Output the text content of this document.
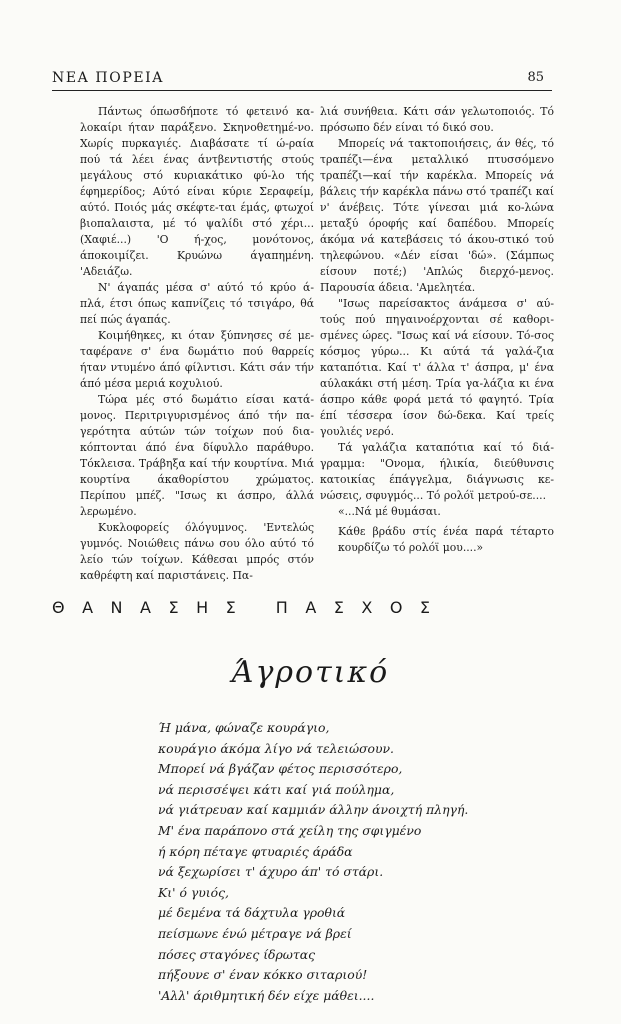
ΝΕΑ ΠΟΡΕΙΑ	85

Πάντως όπωσδήποτε τό φετεινό κα-λοκαίρι ήταν παράξενο. Σκηνοθετημέ-νο. Χωρίς πυρκαγιές. Διαβάσατε τί ώ-ραία πού τά λέει ένας άντβεντιστής στούς μεγάλους στό κυριακάτικο φύ-λο τής έφημερίδος; Αύτό είναι κύριε Σεραφείμ, αύτό. Ποιός μάς σκέφτε-ται έμάς, φτωχοί βιοπαλαιστα, μέ τό ψαλίδι στό χέρι... (Χαφιέ...) 'Ο ή-χος, μονότονος, άποκοιμίζει. Κρυώνω άγαπημένη. 'Αδειάζω.

Ν' άγαπάς μέσα σ' αύτό τό κρύο ά-πλά, έτσι όπως καπνίζεις τό τσιγάρο, θά πεί πώς άγαπάς.

Κοιμήθηκες, κι όταν ξύπνησες σέ με-ταφέρανε σ' ένα δωμάτιο πού θαρρείς ήταν ντυμένο άπό φίλντισι. Κάτι σάν τήν άπό μέσα μεριά κοχυλιού.

Τώρα μές στό δωμάτιο είσαι κατά-μονος. Περιτριγυρισμένος άπό τήν πα-γερότητα αύτών τών τοίχων πού δια-κόπτονται άπό ένα δίφυλλο παράθυρο. Τόκλεισα. Τράβηξα καί τήν κουρτίνα. Μιά κουρτίνα άκαθορίστου χρώματος. Περίπου μπέζ. "Ισως κι άσπρο, άλλά λερωμένο.

Κυκλοφορείς όλόγυμνος. 'Εντελώς γυμνός. Νοιώθεις πάνω σου όλο αύτό τό λείο τών τοίχων. Κάθεσαι μπρός στόν καθρέφτη καί παριστάνεις. Πα-

λιά συνήθεια. Κάτι σάν γελωτοποιός. Τό πρόσωπο δέν είναι τό δικό σου.

Μπορείς νά τακτοποιήσεις, άν θές, τό τραπέζι—ένα μεταλλικό πτυσσόμενο τραπέζι—καί τήν καρέκλα. Μπορείς νά βάλεις τήν καρέκλα πάνω στό τραπέζι καί ν' άνέβεις. Τότε γίνεσαι μιά κο-λώνα μεταξύ όροφής καί δαπέδου. Μπορείς άκόμα νά κατεβάσεις τό άκου-στικό τού τηλεφώνου. «Δέν είσαι 'δώ». (Σάμπως είσουν ποτέ;) 'Απλώς διερχό-μενος. Παρουσία άδεια. 'Αμελητέα.

"Ισως παρείσακτος άνάμεσα σ' αύ-τούς πού πηγαινοέρχονται σέ καθορι-σμένες ώρες. "Ισως καί νά είσουν. Τό-σος κόσμος γύρω... Κι αύτά τά γαλά-ζια καταπότια. Καί τ' άλλα τ' άσπρα, μ' ένα αύλακάκι στή μέση. Τρία γα-λάζια κι ένα άσπρο κάθε φορά μετά τό φαγητό. Τρία έπί τέσσερα ίσον δώ-δεκα. Καί τρείς γουλιές νερό.

Τά γαλάζια καταπότια καί τό διά-γραμμα: "Ονομα, ήλικία, διεύθυνσις κατοικίας έπάγγελμα, διάγνωσις κε-νώσεις, σφυγμός... Τό ρολόϊ μετρού-σε....

«...Νά μέ θυμάσαι.

Κάθε βράδυ στίς ένέα παρά τέταρτο κουρδίζω τό ρολόϊ μου....»

ΘΑΝΑΣΗΣ ΠΑΣΧΟΣ
Άγροτικό
Ή μάνα, φώναζε κουράγιο,
κουράγιο άκόμα λίγο νά τελειώσουν.
Μπορεί νά βγάζαν φέτος περισσότερο,
νά περισσέψει κάτι καί γιά πούλημα,
νά γιάτρευαν καί καμμιάν άλλην άνοιχτή πληγή.
Μ' ένα παράπονο στά χείλη της σφιγμένο
ή κόρη πέταγε φτυαριές άράδα
νά ξεχωρίσει τ' άχυρο άπ' τό στάρι.
Κι' ό γυιός,
μέ δεμένα τά δάχτυλα γροθιά
πείσμωνε ένώ μέτραγε νά βρεί
πόσες σταγόνες ίδρωτας
πήξουνε σ' έναν κόκκο σιταριού!
'Αλλ' άριθμητική δέν είχε μάθει....
